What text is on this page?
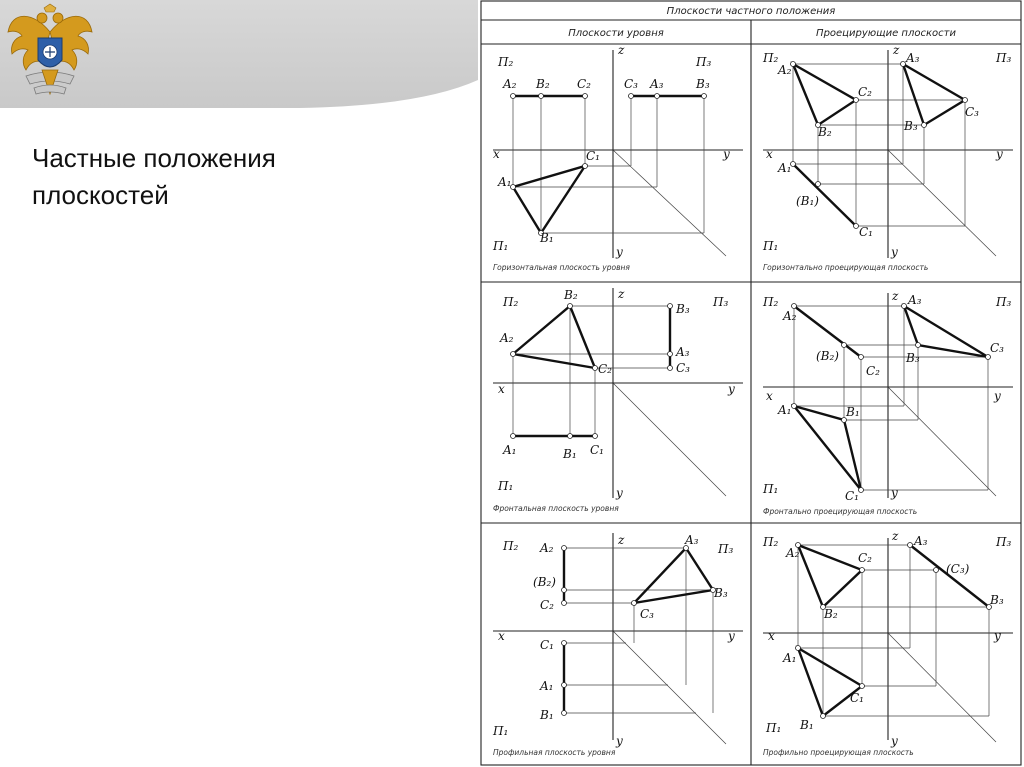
Частные положения
плоскостей
Плоскости частного положения
Плоскости уровня	Проецирующие плоскости
П₂	П₃
z
x	y
y
П₁
A₂ B₂ C₂	C₃ A₃	B₃
A₁
B₁
C₁
Горизонтальная плоскость уровня
П₂	П₃
z
x	y
y
П₁
A₂
B₂
C₂
A₃
B₃
C₃
A₁
(B₁)
C₁
Горизонтально проецирующая плоскость
П₂	П₃
z
x	y
y
П₁
A₂
B₂
C₂
B₃
A₃
C₃
A₁	B₁ C₁
Фронтальная плоскость уровня
П₂	П₃
z
x	y
y
П₁
A₂
(B₂)
C₂
A₃
B₃
C₃
A₁	B₁
C₁
Фронтально проецирующая плоскость
П₂	П₃
z
x	y
y
П₁
A₂
(B₂)
C₂
A₃
B₃
C₃
C₁
A₁
B₁
Профильная плоскость уровня
П₂	П₃
z
x	y
y
П₁
A₂
B₂
C₂
A₃
(C₃)
B₃
A₁
B₁
C₁
Профильно проецирующая плоскость
